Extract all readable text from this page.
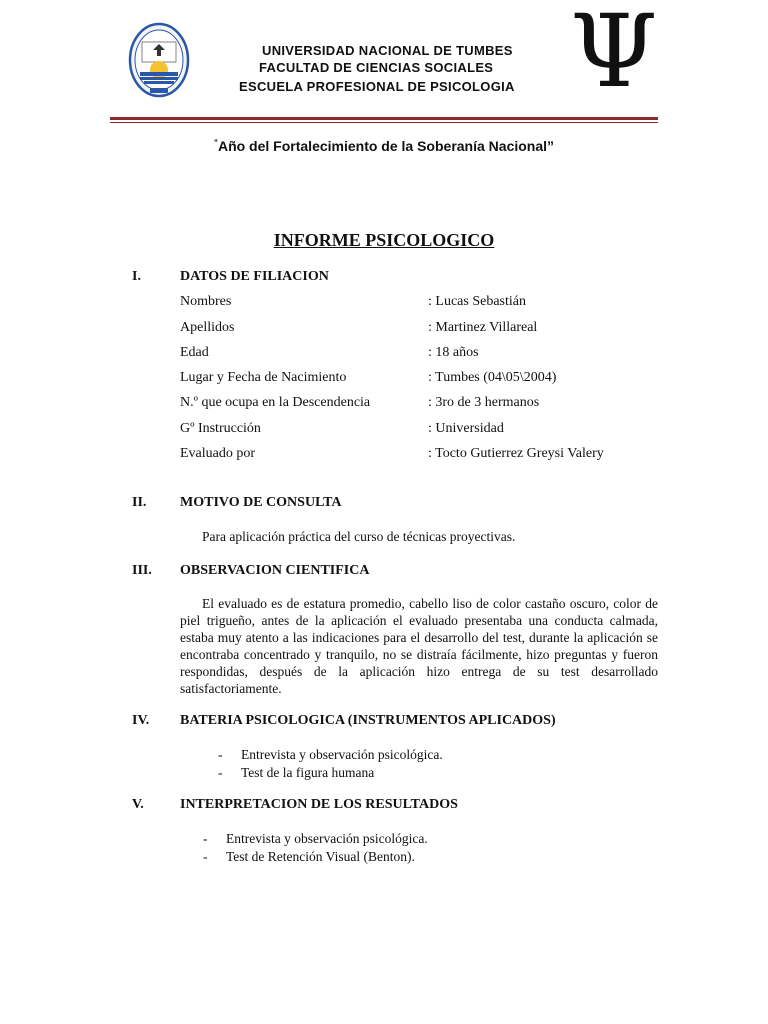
UNIVERSIDAD NACIONAL DE TUMBES
FACULTAD DE CIENCIAS SOCIALES
ESCUELA PROFESIONAL DE PSICOLOGIA Ψ
“Año del Fortalecimiento de la Soberanía Nacional”
INFORME PSICOLOGICO
I.	DATOS DE FILIACION
Nombres	: Lucas Sebastián
Apellidos	: Martinez Villareal
Edad	: 18 años
Lugar y Fecha de Nacimiento	: Tumbes (04\05\2004)
N.º que ocupa en la Descendencia	: 3ro de 3 hermanos
Gº Instrucción	: Universidad
Evaluado por	: Tocto Gutierrez Greysi Valery
II. MOTIVO DE CONSULTA
Para aplicación práctica del curso de técnicas proyectivas.
III. OBSERVACION CIENTIFICA
El evaluado es de estatura promedio, cabello liso de color castaño oscuro, color de piel trigueño, antes de la aplicación el evaluado presentaba una conducta calmada, estaba muy atento a las indicaciones para el desarrollo del test, durante la aplicación se encontraba concentrado y tranquilo, no se distraía fácilmente, hizo preguntas y fueron respondidas, después de la aplicación hizo entrega de su test desarrollado satisfactoriamente.
IV. BATERIA PSICOLOGICA (INSTRUMENTOS APLICADOS)
- Entrevista y observación psicológica.
- Test de la figura humana
V.	INTERPRETACION DE LOS RESULTADOS
- Entrevista y observación psicológica.
- Test de Retención Visual (Benton).
